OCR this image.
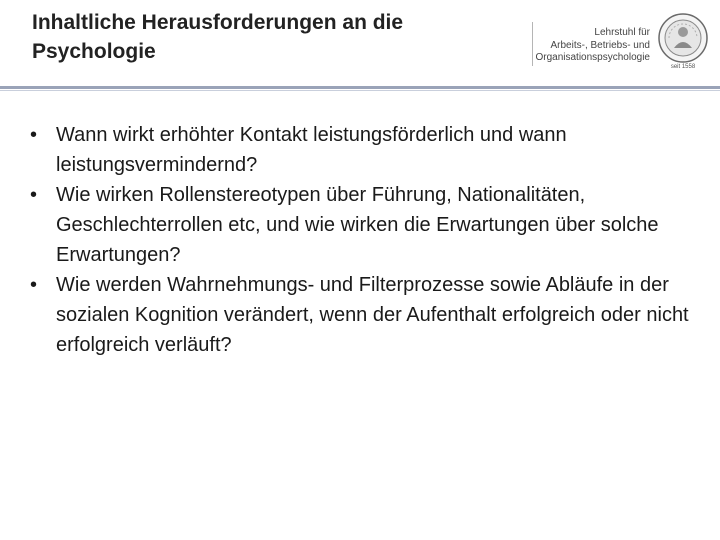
Inhaltliche Herausforderungen an die
Psychologie
Lehrstuhl für
Arbeits-, Betriebs- und
Organisationspsychologie
seit 1558
• Wann wirkt erhöhter Kontakt leistungsförderlich und wann leistungsvermindernd?
• Wie wirken Rollenstereotypen über Führung, Nationalitäten, Geschlechterrollen etc, und wie wirken die Erwartungen über solche Erwartungen?
• Wie werden Wahrnehmungs- und Filterprozesse sowie Abläufe in der sozialen Kognition verändert, wenn der Aufenthalt erfolgreich oder nicht erfolgreich verläuft?
